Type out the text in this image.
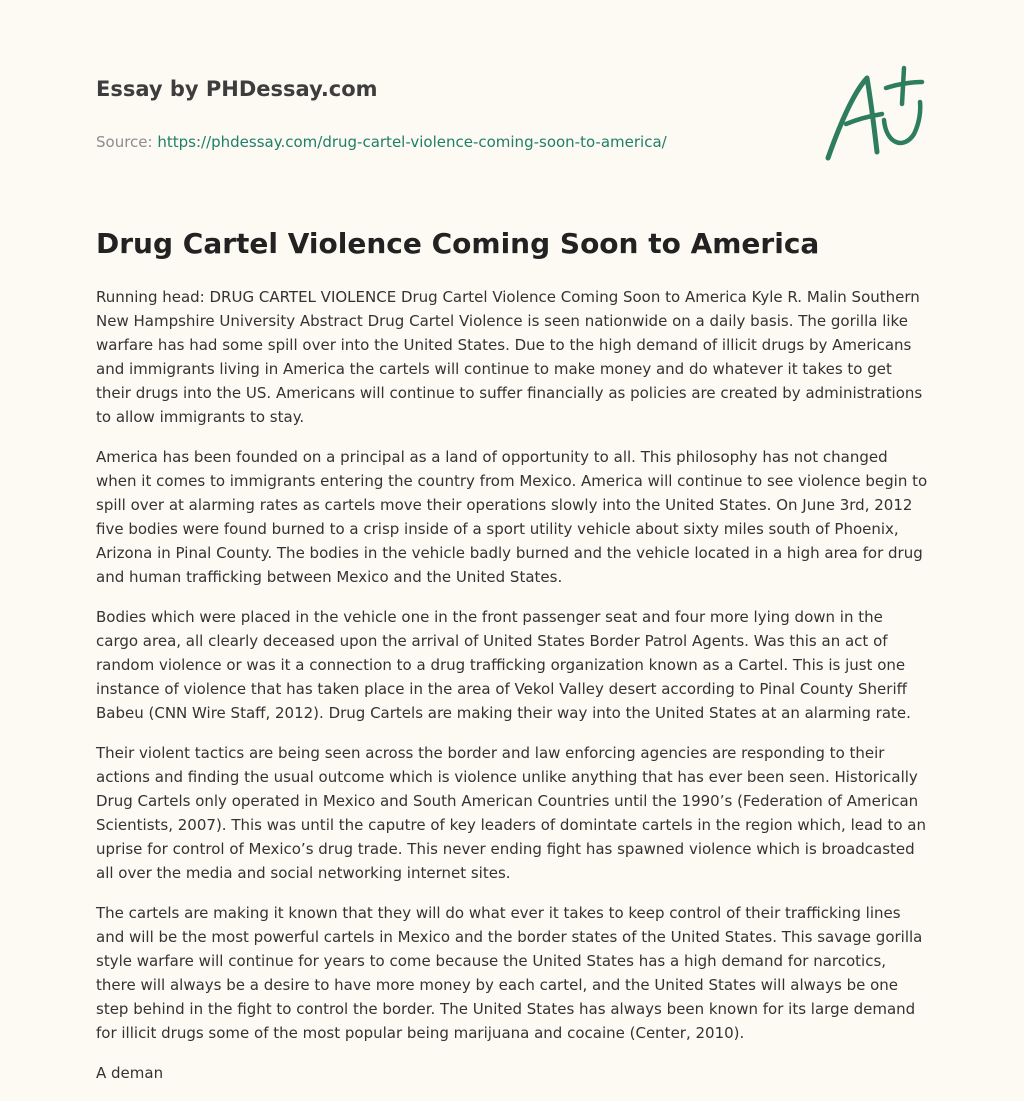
Essay by PHDessay.com
Source: https://phdessay.com/drug-cartel-violence-coming-soon-to-america/
Drug Cartel Violence Coming Soon to America

Running head: DRUG CARTEL VIOLENCE Drug Cartel Violence Coming Soon to America Kyle R. Malin Southern New Hampshire University Abstract Drug Cartel Violence is seen nationwide on a daily basis. The gorilla like warfare has had some spill over into the United States. Due to the high demand of illicit drugs by Americans and immigrants living in America the cartels will continue to make money and do whatever it takes to get their drugs into the US. Americans will continue to suffer financially as policies are created by administrations to allow immigrants to stay.

America has been founded on a principal as a land of opportunity to all. This philosophy has not changed when it comes to immigrants entering the country from Mexico. America will continue to see violence begin to spill over at alarming rates as cartels move their operations slowly into the United States. On June 3rd, 2012 five bodies were found burned to a crisp inside of a sport utility vehicle about sixty miles south of Phoenix, Arizona in Pinal County. The bodies in the vehicle badly burned and the vehicle located in a high area for drug and human trafficking between Mexico and the United States.

Bodies which were placed in the vehicle one in the front passenger seat and four more lying down in the cargo area, all clearly deceased upon the arrival of United States Border Patrol Agents. Was this an act of random violence or was it a connection to a drug trafficking organization known as a Cartel. This is just one instance of violence that has taken place in the area of Vekol Valley desert according to Pinal County Sheriff Babeu (CNN Wire Staff, 2012). Drug Cartels are making their way into the United States at an alarming rate.

Their violent tactics are being seen across the border and law enforcing agencies are responding to their actions and finding the usual outcome which is violence unlike anything that has ever been seen. Historically Drug Cartels only operated in Mexico and South American Countries until the 1990’s (Federation of American Scientists, 2007). This was until the caputre of key leaders of domintate cartels in the region which, lead to an uprise for control of Mexico’s drug trade. This never ending fight has spawned violence which is broadcasted all over the media and social networking internet sites.

The cartels are making it known that they will do what ever it takes to keep control of their trafficking lines and will be the most powerful cartels in Mexico and the border states of the United States. This savage gorilla style warfare will continue for years to come because the United States has a high demand for narcotics, there will always be a desire to have more money by each cartel, and the United States will always be one step behind in the fight to control the border. The United States has always been known for its large demand for illicit drugs some of the most popular being marijuana and cocaine (Center, 2010).

A deman
